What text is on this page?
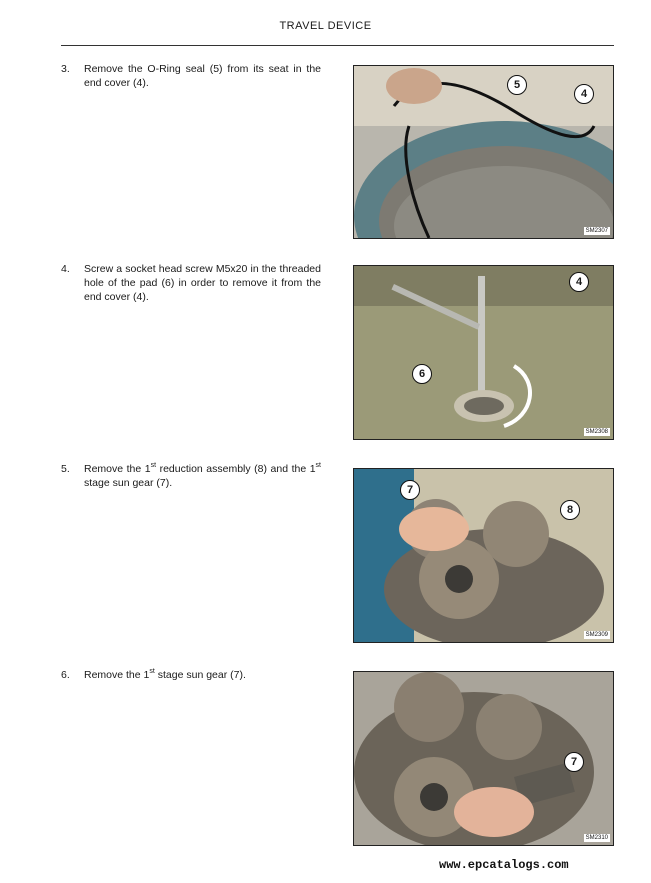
TRAVEL DEVICE
3. Remove the O-Ring seal (5) from its seat in the end cover (4).	5
4
SM2307
4. Screw a socket head screw M5x20 in the threaded hole of the pad (6) in order to remove it from the end cover (4).
4
6
SM2308
5. Remove the 1st reduction assembly (8) and the 1st stage sun gear (7).
7
8
SM2309
6. Remove the 1st stage sun gear (7).
7
SM2310
www.epcatalogs.com
